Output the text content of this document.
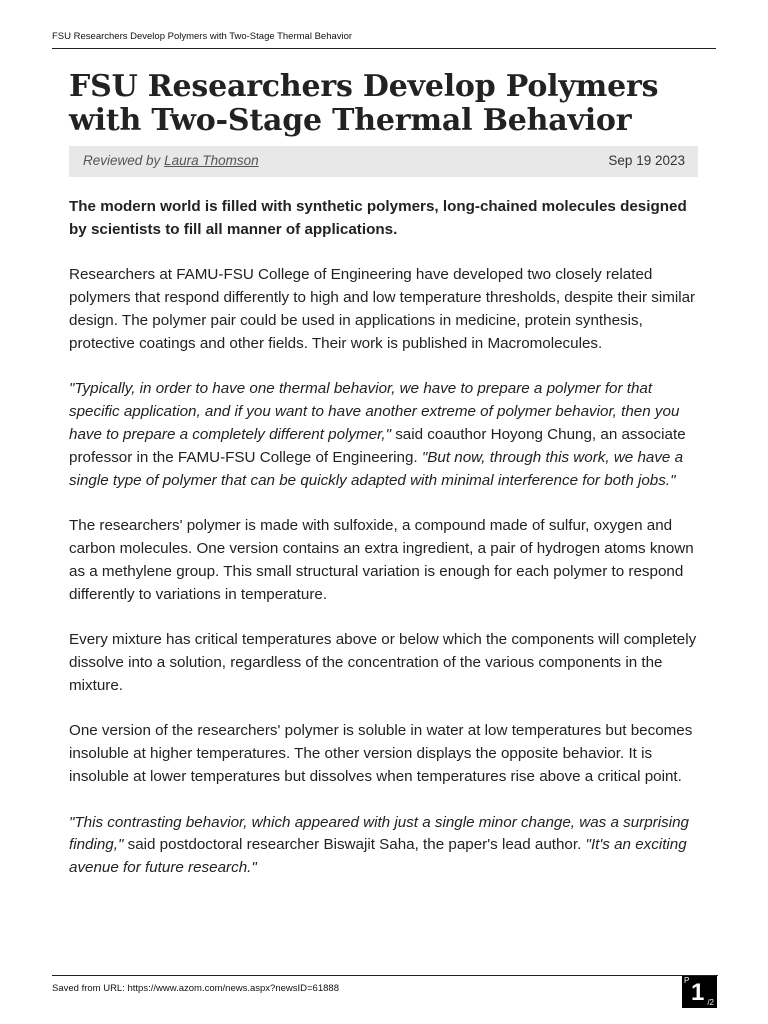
FSU Researchers Develop Polymers with Two-Stage Thermal Behavior
FSU Researchers Develop Polymers with Two-Stage Thermal Behavior
Reviewed by Laura Thomson	Sep 19 2023

The modern world is filled with synthetic polymers, long-chained molecules designed by scientists to fill all manner of applications.

Researchers at FAMU-FSU College of Engineering have developed two closely related polymers that respond differently to high and low temperature thresholds, despite their similar design. The polymer pair could be used in applications in medicine, protein synthesis, protective coatings and other fields. Their work is published in Macromolecules.

"Typically, in order to have one thermal behavior, we have to prepare a polymer for that specific application, and if you want to have another extreme of polymer behavior, then you have to prepare a completely different polymer," said coauthor Hoyong Chung, an associate professor in the FAMU-FSU College of Engineering. "But now, through this work, we have a single type of polymer that can be quickly adapted with minimal interference for both jobs."

The researchers' polymer is made with sulfoxide, a compound made of sulfur, oxygen and carbon molecules. One version contains an extra ingredient, a pair of hydrogen atoms known as a methylene group. This small structural variation is enough for each polymer to respond differently to variations in temperature.

Every mixture has critical temperatures above or below which the components will completely dissolve into a solution, regardless of the concentration of the various components in the mixture.

One version of the researchers' polymer is soluble in water at low temperatures but becomes insoluble at higher temperatures. The other version displays the opposite behavior. It is insoluble at lower temperatures but dissolves when temperatures rise above a critical point.

"This contrasting behavior, which appeared with just a single minor change, was a surprising finding," said postdoctoral researcher Biswajit Saha, the paper's lead author. "It's an exciting avenue for future research."

Saved from URL: https://www.azom.com/news.aspx?newsID=61888
P 1 /2
